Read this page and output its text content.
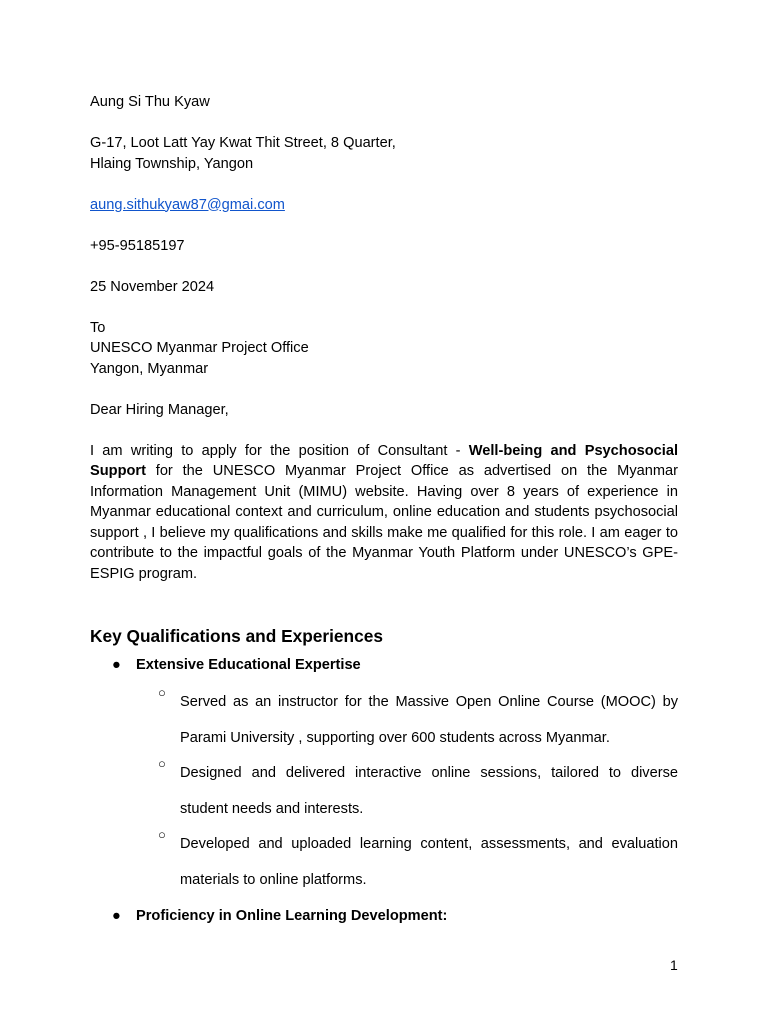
Aung Si Thu Kyaw

G-17, Loot Latt Yay Kwat Thit Street, 8 Quarter,

Hlaing Township, Yangon

aung.sithukyaw87@gmai.com

+95-95185197

25 November 2024

To

UNESCO Myanmar Project Office

Yangon, Myanmar

Dear Hiring Manager,

I am writing to apply for the position of Consultant - Well-being and Psychosocial Support for the UNESCO Myanmar Project Office as advertised on the Myanmar Information Management Unit (MIMU) website. Having over 8 years of experience in Myanmar educational context and curriculum, online education and students psychosocial support , I believe my qualifications and skills make me qualified for this role. I am eager to contribute to the impactful goals of the Myanmar Youth Platform under UNESCO’s GPE-ESPIG program.

Key Qualifications and Experiences
● Extensive Educational Expertise
○
Served as an instructor for the Massive Open Online Course (MOOC) by Parami University , supporting over 600 students across Myanmar.
○
Designed and delivered interactive online sessions, tailored to diverse student needs and interests.
○
Developed and uploaded learning content, assessments, and evaluation materials to online platforms.
● Proficiency in Online Learning Development:
1
